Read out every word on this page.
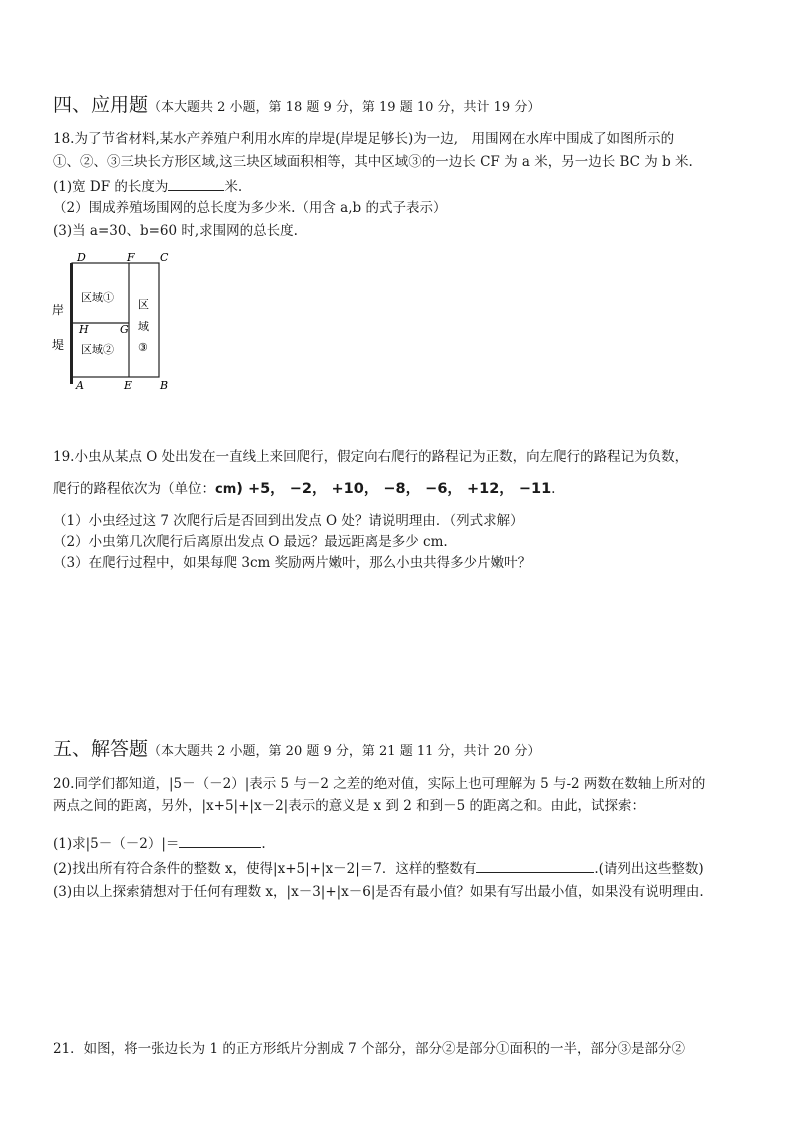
四、应用题（本大题共 2 小题，第 18 题 9 分，第 19 题 10 分，共计 19 分）
18.为了节省材料,某水产养殖户利用水库的岸堤(岸堤足够长)为一边,　用围网在水库中围成了如图所示的
①、②、③三块长方形区域,这三块区域面积相等，其中区域③的一边长 CF 为 a 米，另一边长 BC 为 b 米.
(1)宽 DF 的长度为	米.
（2）围成养殖场围网的总长度为多少米.（用含 a,b 的式子表示）
(3)当 a=30、b=60 时,求围网的总长度.
D	F C
H	G
A	E	B
岸
堤
区域①
区域②
区
域
③
19.小虫从某点 O 处出发在一直线上来回爬行，假定向右爬行的路程记为正数，向左爬行的路程记为负数，
爬行的路程依次为（单位：cm) +5， −2， +10， −8， −6， +12， −11.
（1）小虫经过这 7 次爬行后是否回到出发点 O 处？请说明理由．（列式求解）
（2）小虫第几次爬行后离原出发点 O 最远？最远距离是多少 cm.
（3）在爬行过程中，如果每爬 3cm 奖励两片嫩叶，那么小虫共得多少片嫩叶？
五、解答题（本大题共 2 小题，第 20 题 9 分，第 21 题 11 分，共计 20 分）
20.同学们都知道，|5－（－2）|表示 5 与－2 之差的绝对值，实际上也可理解为 5 与-2 两数在数轴上所对的
两点之间的距离，另外，|x+5|+|x－2|表示的意义是 x 到 2 和到－5 的距离之和。由此，试探索：
(1)求|5－（－2）|＝	.
(2)找出所有符合条件的整数 x，使得|x+5|+|x－2|＝7．这样的整数有	.(请列出这些整数)
(3)由以上探索猜想对于任何有理数 x，|x－3|+|x－6|是否有最小值？如果有写出最小值，如果没有说明理由.
21．如图，将一张边长为 1 的正方形纸片分割成 7 个部分，部分②是部分①面积的一半，部分③是部分②
